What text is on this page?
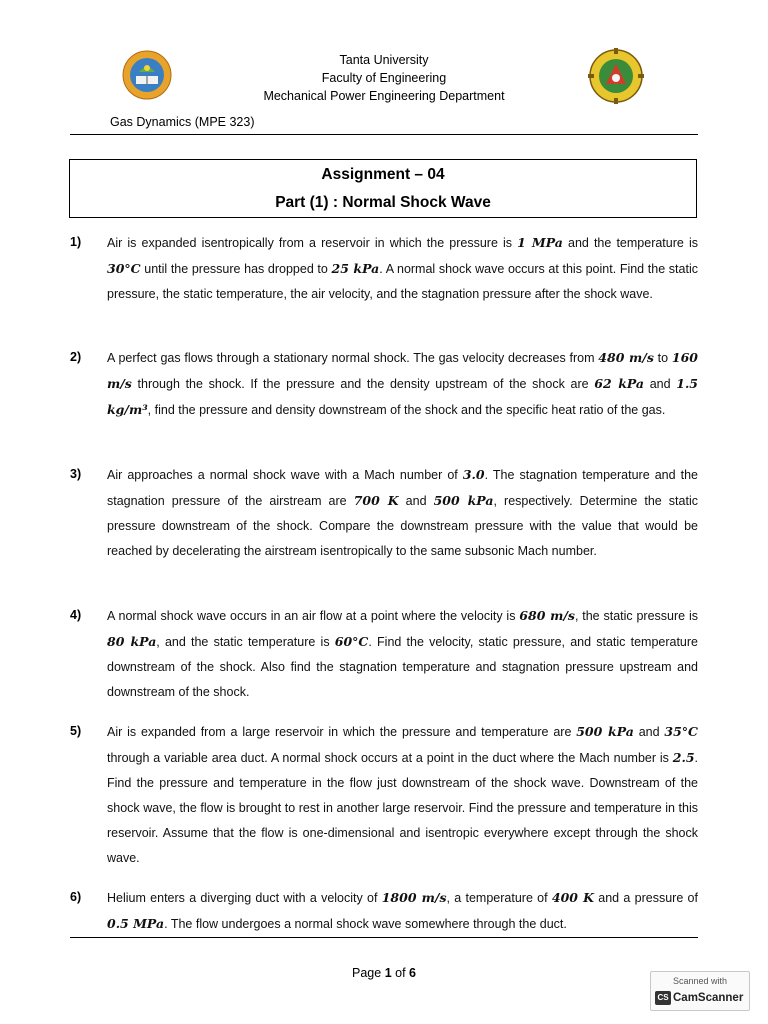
Tanta University
Faculty of Engineering
Mechanical Power Engineering Department
Gas Dynamics (MPE 323)
Assignment – 04
Part (1) : Normal Shock Wave
1) Air is expanded isentropically from a reservoir in which the pressure is 1 MPa and the temperature is 30°C until the pressure has dropped to 25 kPa. A normal shock wave occurs at this point. Find the static pressure, the static temperature, the air velocity, and the stagnation pressure after the shock wave.
2) A perfect gas flows through a stationary normal shock. The gas velocity decreases from 480 m/s to 160 m/s through the shock. If the pressure and the density upstream of the shock are 62 kPa and 1.5 kg/m³, find the pressure and density downstream of the shock and the specific heat ratio of the gas.
3) Air approaches a normal shock wave with a Mach number of 3.0. The stagnation temperature and the stagnation pressure of the airstream are 700 K and 500 kPa, respectively. Determine the static pressure downstream of the shock. Compare the downstream pressure with the value that would be reached by decelerating the airstream isentropically to the same subsonic Mach number.
4) A normal shock wave occurs in an air flow at a point where the velocity is 680 m/s, the static pressure is 80 kPa, and the static temperature is 60°C. Find the velocity, static pressure, and static temperature downstream of the shock. Also find the stagnation temperature and stagnation pressure upstream and downstream of the shock.
5) Air is expanded from a large reservoir in which the pressure and temperature are 500 kPa and 35°C through a variable area duct. A normal shock occurs at a point in the duct where the Mach number is 2.5. Find the pressure and temperature in the flow just downstream of the shock wave. Downstream of the shock wave, the flow is brought to rest in another large reservoir. Find the pressure and temperature in this reservoir. Assume that the flow is one-dimensional and isentropic everywhere except through the shock wave.
6) Helium enters a diverging duct with a velocity of 1800 m/s, a temperature of 400 K and a pressure of 0.5 MPa. The flow undergoes a normal shock wave somewhere through the duct.
Page 1 of 6
Scanned with
CS CamScanner
